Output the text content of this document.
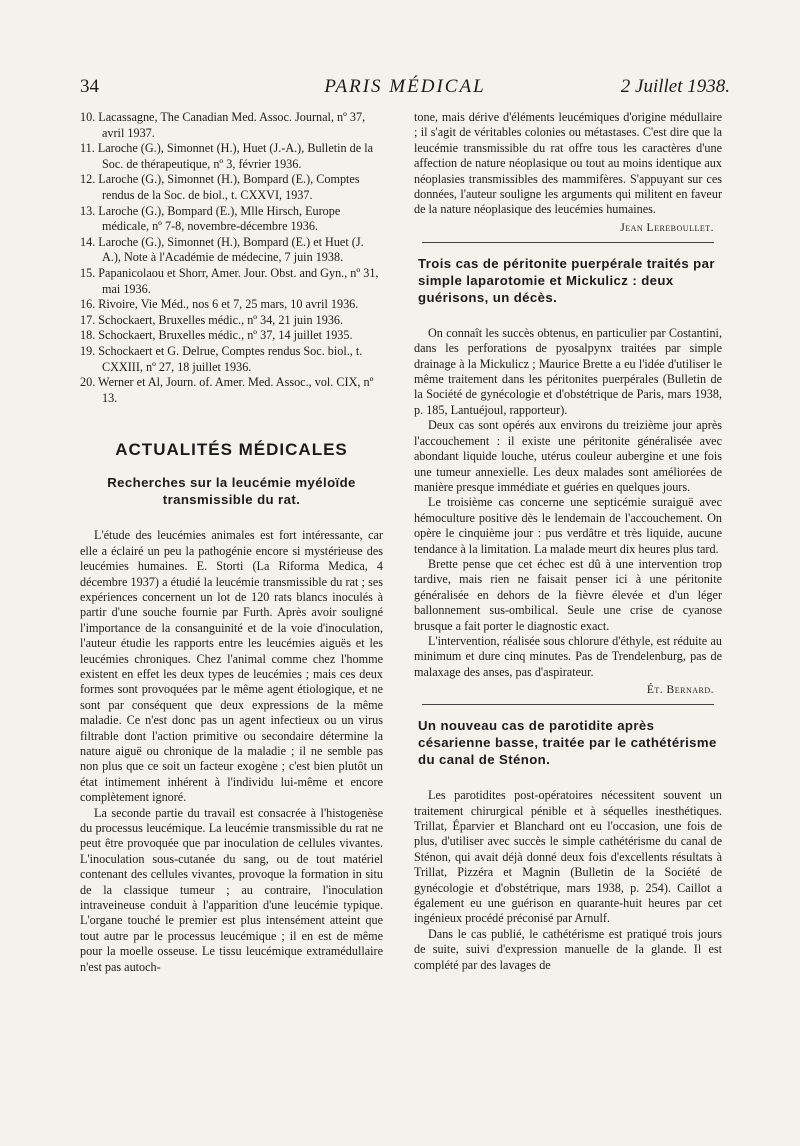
34	PARIS MÉDICAL	2 Juillet 1938.

10. Lacassagne, The Canadian Med. Assoc. Journal, nº 37, avril 1937.

11. Laroche (G.), Simonnet (H.), Huet (J.-A.), Bulletin de la Soc. de thérapeutique, nº 3, février 1936.

12. Laroche (G.), Simonnet (H.), Bompard (E.), Comptes rendus de la Soc. de biol., t. CXXVI, 1937.

13. Laroche (G.), Bompard (E.), Mlle Hirsch, Europe médicale, nº 7-8, novembre-décembre 1936.

14. Laroche (G.), Simonnet (H.), Bompard (E.) et Huet (J. A.), Note à l'Académie de médecine, 7 juin 1938.

15. Papanicolaou et Shorr, Amer. Jour. Obst. and Gyn., nº 31, mai 1936.

16. Rivoire, Vie Méd., nos 6 et 7, 25 mars, 10 avril 1936.

17. Schockaert, Bruxelles médic., nº 34, 21 juin 1936.

18. Schockaert, Bruxelles médic., nº 37, 14 juillet 1935.

19. Schockaert et G. Delrue, Comptes rendus Soc. biol., t. CXXIII, nº 27, 18 juillet 1936.

20. Werner et Al, Journ. of. Amer. Med. Assoc., vol. CIX, nº 13.

ACTUALITÉS MÉDICALES
Recherches sur la leucémie myéloïde transmissible du rat.

L'étude des leucémies animales est fort intéressante, car elle a éclairé un peu la pathogénie encore si mystérieuse des leucémies humaines. E. Storti (La Riforma Medica, 4 décembre 1937) a étudié la leucémie transmissible du rat ; ses expériences concernent un lot de 120 rats blancs inoculés à partir d'une souche fournie par Furth. Après avoir souligné l'importance de la consanguinité et de la voie d'inoculation, l'auteur étudie les rapports entre les leucémies aiguës et les leucémies chroniques. Chez l'animal comme chez l'homme existent en effet les deux types de leucémies ; mais ces deux formes sont provoquées par le même agent étiologique, et ne sont par conséquent que deux expressions de la même maladie. Ce n'est donc pas un agent infectieux ou un virus filtrable dont l'action primitive ou secondaire détermine la nature aiguë ou chronique de la maladie ; il ne semble pas non plus que ce soit un facteur exogène ; c'est bien plutôt un état intimement inhérent à l'individu lui-même et encore complètement ignoré.

La seconde partie du travail est consacrée à l'histogenèse du processus leucémique. La leucémie transmissible du rat ne peut être provoquée que par inoculation de cellules vivantes. L'inoculation sous-cutanée du sang, ou de tout matériel contenant des cellules vivantes, provoque la formation in situ de la classique tumeur ; au contraire, l'inoculation intraveineuse conduit à l'apparition d'une leucémie typique. L'organe touché le premier est plus intensément atteint que tout autre par le processus leucémique ; il en est de même pour la moelle osseuse. Le tissu leucémique extramédullaire n'est pas autoch-

tone, mais dérive d'éléments leucémiques d'origine médullaire ; il s'agit de véritables colonies ou métastases. C'est dire que la leucémie transmissible du rat offre tous les caractères d'une affection de nature néoplasique ou tout au moins identique aux néoplasies transmissibles des mammifères. S'appuyant sur ces données, l'auteur souligne les arguments qui militent en faveur de la nature néoplasique des leucémies humaines.

Jean Lereboullet.
Trois cas de péritonite puerpérale traités par simple laparotomie et Mickulicz : deux guérisons, un décès.

On connaît les succès obtenus, en particulier par Costantini, dans les perforations de pyosalpynx traitées par simple drainage à la Mickulicz ; Maurice Brette a eu l'idée d'utiliser le même traitement dans les péritonites puerpérales (Bulletin de la Société de gynécologie et d'obstétrique de Paris, mars 1938, p. 185, Lantuéjoul, rapporteur).

Deux cas sont opérés aux environs du treizième jour après l'accouchement : il existe une péritonite généralisée avec abondant liquide louche, utérus couleur aubergine et une fois une tumeur annexielle. Les deux malades sont améliorées de manière presque immédiate et guéries en quelques jours.

Le troisième cas concerne une septicémie suraiguë avec hémoculture positive dès le lendemain de l'accouchement. On opère le cinquième jour : pus verdâtre et très liquide, aucune tendance à la limitation. La malade meurt dix heures plus tard.

Brette pense que cet échec est dû à une intervention trop tardive, mais rien ne faisait penser ici à une péritonite généralisée en dehors de la fièvre élevée et d'un léger ballonnement sus-ombilical. Seule une crise de cyanose brusque a fait porter le diagnostic exact.

L'intervention, réalisée sous chlorure d'éthyle, est réduite au minimum et dure cinq minutes. Pas de Trendelenburg, pas de malaxage des anses, pas d'aspirateur.

Ét. Bernard.
Un nouveau cas de parotidite après césarienne basse, traitée par le cathétérisme du canal de Sténon.

Les parotidites post-opératoires nécessitent souvent un traitement chirurgical pénible et à séquelles inesthétiques. Trillat, Éparvier et Blanchard ont eu l'occasion, une fois de plus, d'utiliser avec succès le simple cathétérisme du canal de Sténon, qui avait déjà donné deux fois d'excellents résultats à Trillat, Pizzéra et Magnin (Bulletin de la Société de gynécologie et d'obstétrique, mars 1938, p. 254). Caillot a également eu une guérison en quarante-huit heures par cet ingénieux procédé préconisé par Arnulf.

Dans le cas publié, le cathétérisme est pratiqué trois jours de suite, suivi d'expression manuelle de la glande. Il est complété par des lavages de
